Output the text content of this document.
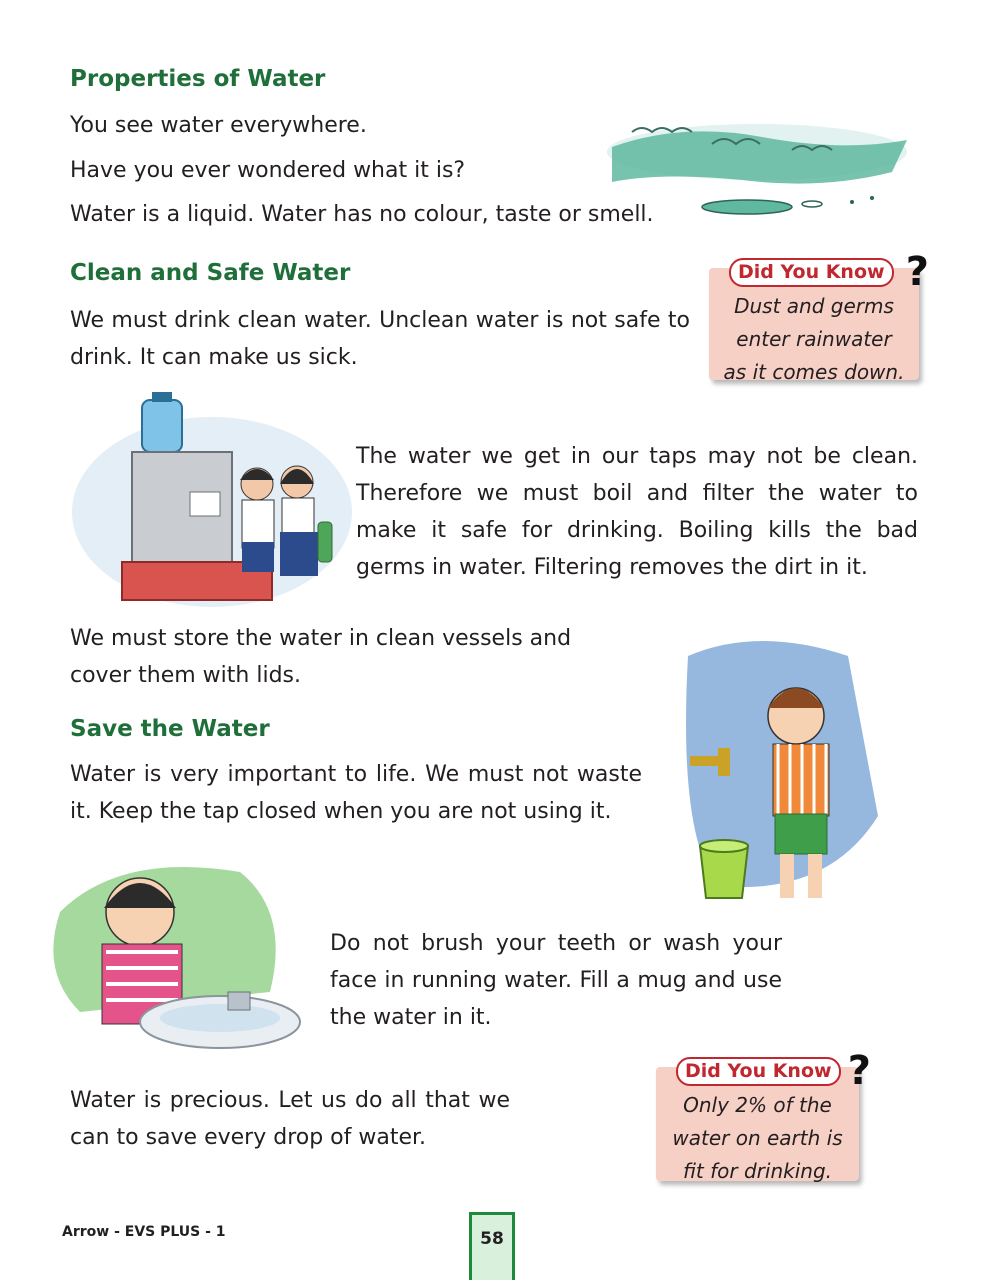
Properties of Water

You see water everywhere.

Have you ever wondered what it is?

Water is a liquid. Water has no colour, taste or smell.

Clean and Safe Water

We must drink clean water. Unclean water is not safe to drink. It can make us sick.

Did You Know ?

Dust and germs
enter rainwater
as it comes down.

The water we get in our taps may not be clean. Therefore we must boil and filter the water to make it safe for drinking. Boiling kills the bad germs in water. Filtering removes the dirt in it.

We must store the water in clean vessels and cover them with lids.

Save the Water

Water is very important to life. We must not waste it. Keep the tap closed when you are not using it.

Do not brush your teeth or wash your face in running water. Fill a mug and use the water in it.

Water is precious. Let us do all that we can to save every drop of water.

Did You Know ?

Only 2% of the
water on earth is
fit for drinking.

Arrow - EVS PLUS - 1	58
